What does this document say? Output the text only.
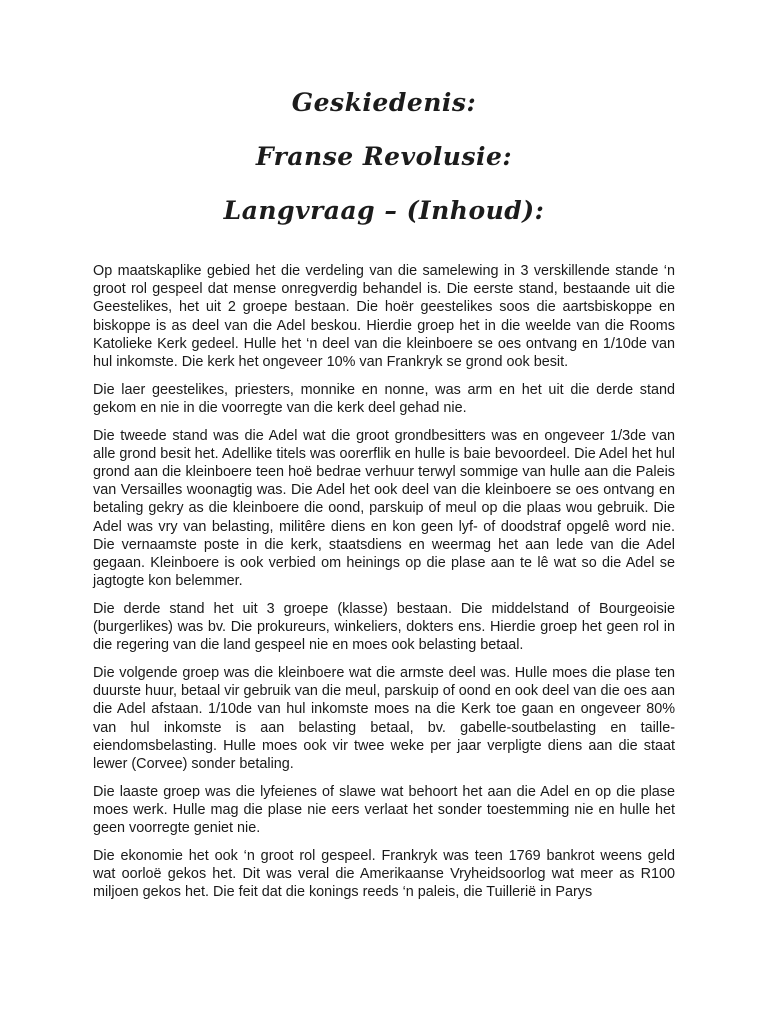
Geskiedenis:
Franse Revolusie:
Langvraag – (Inhoud):

Op maatskaplike gebied het die verdeling van die samelewing in 3 verskillende stande ‘n groot rol gespeel dat mense onregverdig behandel is. Die eerste stand, bestaande uit die Geestelikes, het uit 2 groepe bestaan. Die hoër geestelikes soos die aartsbiskoppe en biskoppe is as deel van die Adel beskou. Hierdie groep het in die weelde van die Rooms Katolieke Kerk gedeel. Hulle het ‘n deel van die kleinboere se oes ontvang en 1/10de van hul inkomste. Die kerk het ongeveer 10% van Frankryk se grond ook besit.

Die laer geestelikes, priesters, monnike en nonne, was arm en het uit die derde stand gekom en nie in die voorregte van die kerk deel gehad nie.

Die tweede stand was die Adel wat die groot grondbesitters was en ongeveer 1/3de van alle grond besit het. Adellike titels was oorerflik en hulle is baie bevoordeel. Die Adel het hul grond aan die kleinboere teen hoë bedrae verhuur terwyl sommige van hulle aan die Paleis van Versailles woonagtig was. Die Adel het ook deel van die kleinboere se oes ontvang en betaling gekry as die kleinboere die oond, parskuip of meul op die plaas wou gebruik. Die Adel was vry van belasting, militêre diens en kon geen lyf- of doodstraf opgelê word nie. Die vernaamste poste in die kerk, staatsdiens en weermag het aan lede van die Adel gegaan. Kleinboere is ook verbied om heinings op die plase aan te lê wat so die Adel se jagtogte kon belemmer.

Die derde stand het uit 3 groepe (klasse) bestaan. Die middelstand of Bourgeoisie (burgerlikes) was bv. Die prokureurs, winkeliers, dokters ens. Hierdie groep het geen rol in die regering van die land gespeel nie en moes ook belasting betaal.

Die volgende groep was die kleinboere wat die armste deel was. Hulle moes die plase ten duurste huur, betaal vir gebruik van die meul, parskuip of oond en ook deel van die oes aan die Adel afstaan. 1/10de van hul inkomste moes na die Kerk toe gaan en ongeveer 80% van hul inkomste is aan belasting betaal, bv. gabelle-soutbelasting en taille-eiendomsbelasting. Hulle moes ook vir twee weke per jaar verpligte diens aan die staat lewer (Corvee) sonder betaling.

Die laaste groep was die lyfeienes of slawe wat behoort het aan die Adel en op die plase moes werk. Hulle mag die plase nie eers verlaat het sonder toestemming nie en hulle het geen voorregte geniet nie.

Die ekonomie het ook ‘n groot rol gespeel. Frankryk was teen 1769 bankrot weens geld wat oorloë gekos het. Dit was veral die Amerikaanse Vryheidsoorlog wat meer as R100 miljoen gekos het. Die feit dat die konings reeds ‘n paleis, die Tuillerië in Parys
